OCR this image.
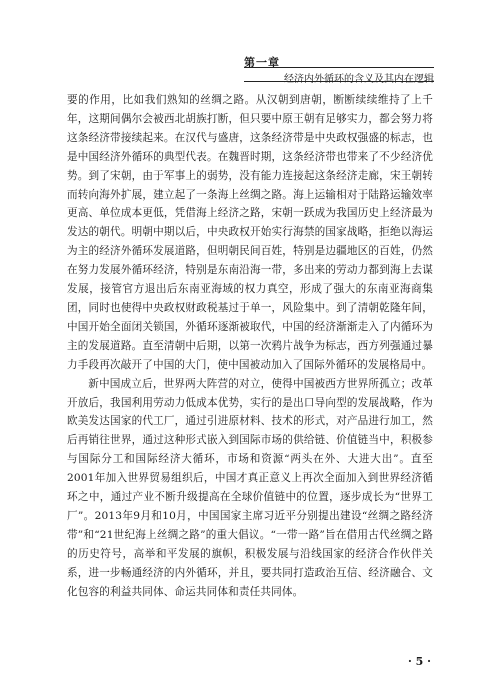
第一章
经济内外循环的含义及其内在逻辑

要的作用，比如我们熟知的丝绸之路。从汉朝到唐朝，断断续续维持了上千年，这期间偶尔会被西北胡族打断，但只要中原王朝有足够实力，都会努力将这条经济带接续起来。在汉代与盛唐，这条经济带是中央政权强盛的标志，也是中国经济外循环的典型代表。在魏晋时期，这条经济带也带来了不少经济优势。到了宋朝，由于军事上的弱势，没有能力连接起这条经济走廊，宋王朝转而转向海外扩展，建立起了一条海上丝绸之路。海上运输相对于陆路运输效率更高、单位成本更低，凭借海上经济之路，宋朝一跃成为我国历史上经济最为发达的朝代。明朝中期以后，中央政权开始实行海禁的国家战略，拒绝以海运为主的经济外循环发展道路，但明朝民间百姓，特别是边疆地区的百姓，仍然在努力发展外循环经济，特别是东南沿海一带，多出来的劳动力都到海上去谋发展，接管官方退出后东南亚海域的权力真空，形成了强大的东南亚海商集团，同时也使得中央政权财政税基过于单一，风险集中。到了清朝乾隆年间，中国开始全面闭关锁国，外循环逐渐被取代，中国的经济渐渐走入了内循环为主的发展道路。直至清朝中后期，以第一次鸦片战争为标志，西方列强通过暴力手段再次敲开了中国的大门，使中国被动加入了国际外循环的发展格局中。

新中国成立后，世界两大阵营的对立，使得中国被西方世界所孤立；改革开放后，我国利用劳动力低成本优势，实行的是出口导向型的发展战略，作为欧美发达国家的代工厂，通过引进原材料、技术的形式，对产品进行加工，然后再销往世界，通过这种形式嵌入到国际市场的供给链、价值链当中，积极参与国际分工和国际经济大循环，市场和资源“两头在外、大进大出”。直至2001年加入世界贸易组织后，中国才真正意义上再次全面加入到世界经济循环之中，通过产业不断升级提高在全球价值链中的位置，逐步成长为“世界工厂”。2013年9月和10月，中国国家主席习近平分别提出建设“丝绸之路经济带”和“21世纪海上丝绸之路”的重大倡议。“一带一路”旨在借用古代丝绸之路的历史符号，高举和平发展的旗帜，积极发展与沿线国家的经济合作伙伴关系，进一步畅通经济的内外循环，并且，要共同打造政治互信、经济融合、文化包容的利益共同体、命运共同体和责任共同体。

· 5 ·
